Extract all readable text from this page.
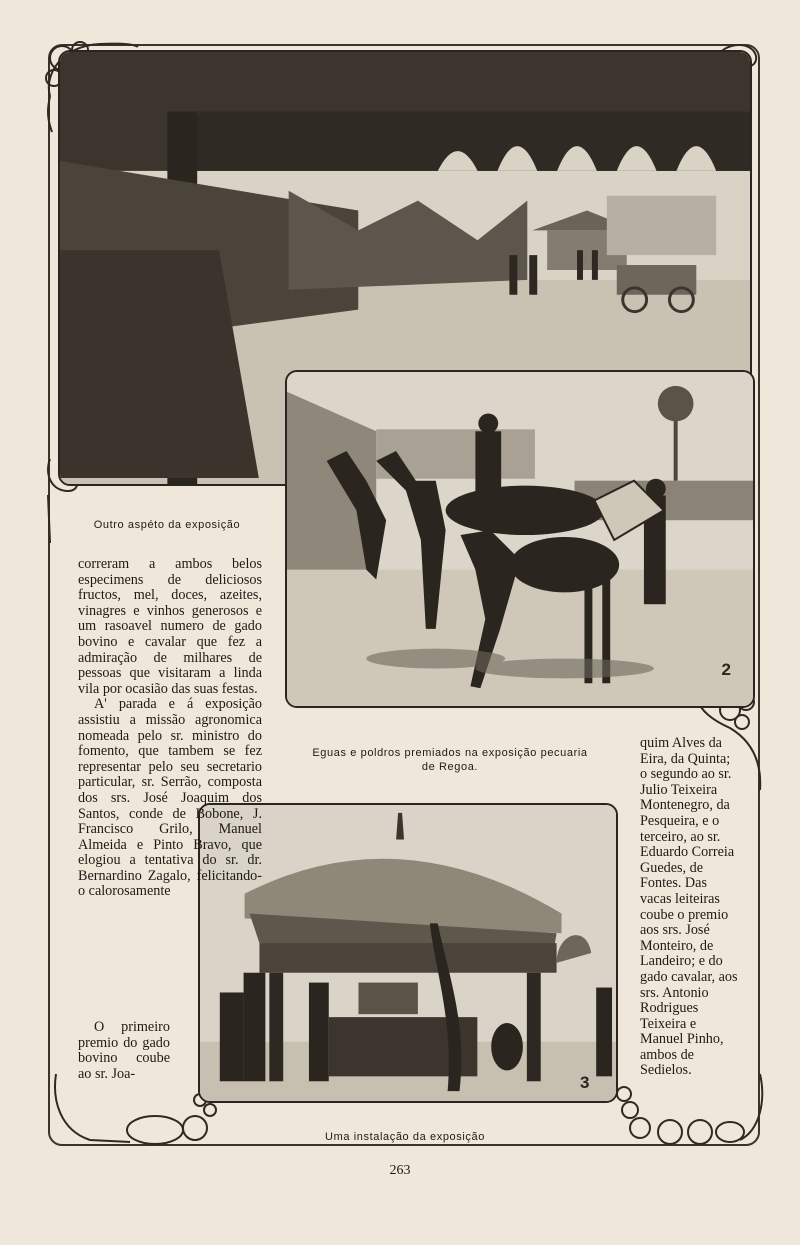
Outro aspéto da exposição
2
Eguas e poldros premiados na exposição pecuaria de Regoa.
3
Uma instalação da exposição

correram a ambos belos especimens de deliciosos fructos, mel, doces, azeites, vinagres e vinhos generosos e um rasoavel numero de gado bovino e cavalar que fez a admiração de milhares de pessoas que visitaram a linda vila por ocasião das suas festas.

A' parada e á exposição assistiu a missão agronomica nomeada pelo sr. ministro do fomento, que tambem se fez representar pelo seu secretario particular, sr. Serrão, composta dos srs. José Joaquim dos Santos, conde de Bobone, J. Francisco Grilo, Manuel Almeida e Pinto Bravo, que elogiou a tentativa do sr. dr. Bernardino Zagalo, felicitando-o calorosamente

O primeiro premio do gado bovino coube ao sr. Joa-

quim Alves da Eira, da Quinta; o segundo ao sr. Julio Teixeira Montenegro, da Pesqueira, e o terceiro, ao sr. Eduardo Correia Guedes, de Fontes. Das vacas leiteiras coube o premio aos srs. José Monteiro, de Landeiro; e do gado cavalar, aos srs. Antonio Rodrigues Teixeira e Manuel Pinho, ambos de Sedielos.

263
